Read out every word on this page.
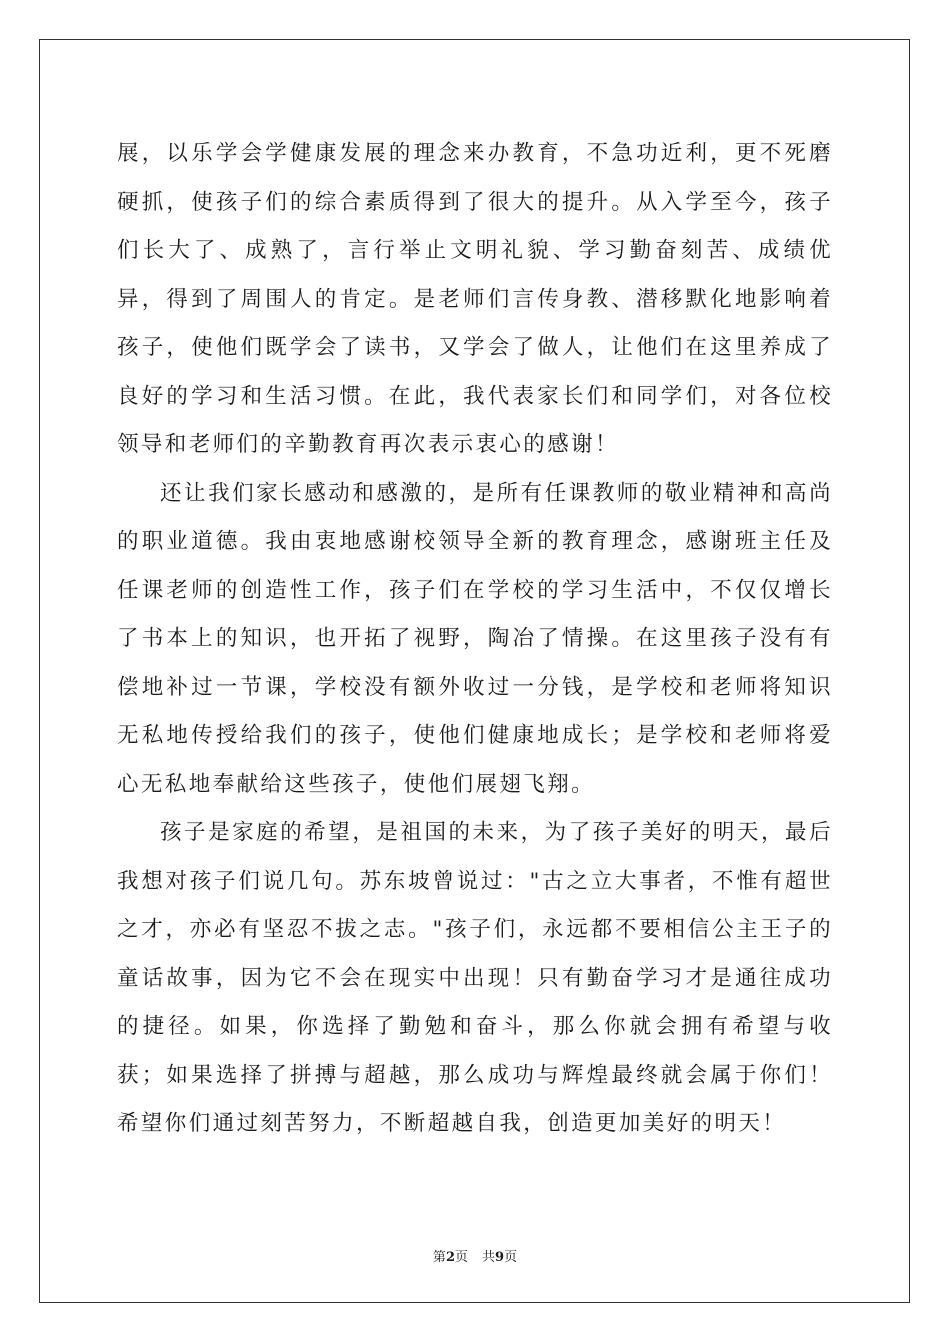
展，以乐学会学健康发展的理念来办教育，不急功近利，更不死磨硬抓，使孩子们的综合素质得到了很大的提升。从入学至今，孩子们长大了、成熟了，言行举止文明礼貌、学习勤奋刻苦、成绩优异，得到了周围人的肯定。是老师们言传身教、潜移默化地影响着孩子，使他们既学会了读书，又学会了做人，让他们在这里养成了良好的学习和生活习惯。在此，我代表家长们和同学们，对各位校领导和老师们的辛勤教育再次表示衷心的感谢！

还让我们家长感动和感激的，是所有任课教师的敬业精神和高尚的职业道德。我由衷地感谢校领导全新的教育理念，感谢班主任及任课老师的创造性工作，孩子们在学校的学习生活中，不仅仅增长了书本上的知识，也开拓了视野，陶冶了情操。在这里孩子没有有偿地补过一节课，学校没有额外收过一分钱，是学校和老师将知识无私地传授给我们的孩子，使他们健康地成长；是学校和老师将爱心无私地奉献给这些孩子，使他们展翅飞翔。

孩子是家庭的希望，是祖国的未来，为了孩子美好的明天，最后我想对孩子们说几句。苏东坡曾说过："古之立大事者，不惟有超世之才，亦必有坚忍不拔之志。"孩子们，永远都不要相信公主王子的童话故事，因为它不会在现实中出现！只有勤奋学习才是通往成功的捷径。如果，你选择了勤勉和奋斗，那么你就会拥有希望与收获；如果选择了拼搏与超越，那么成功与辉煌最终就会属于你们！希望你们通过刻苦努力，不断超越自我，创造更加美好的明天！

第2页 共9页
